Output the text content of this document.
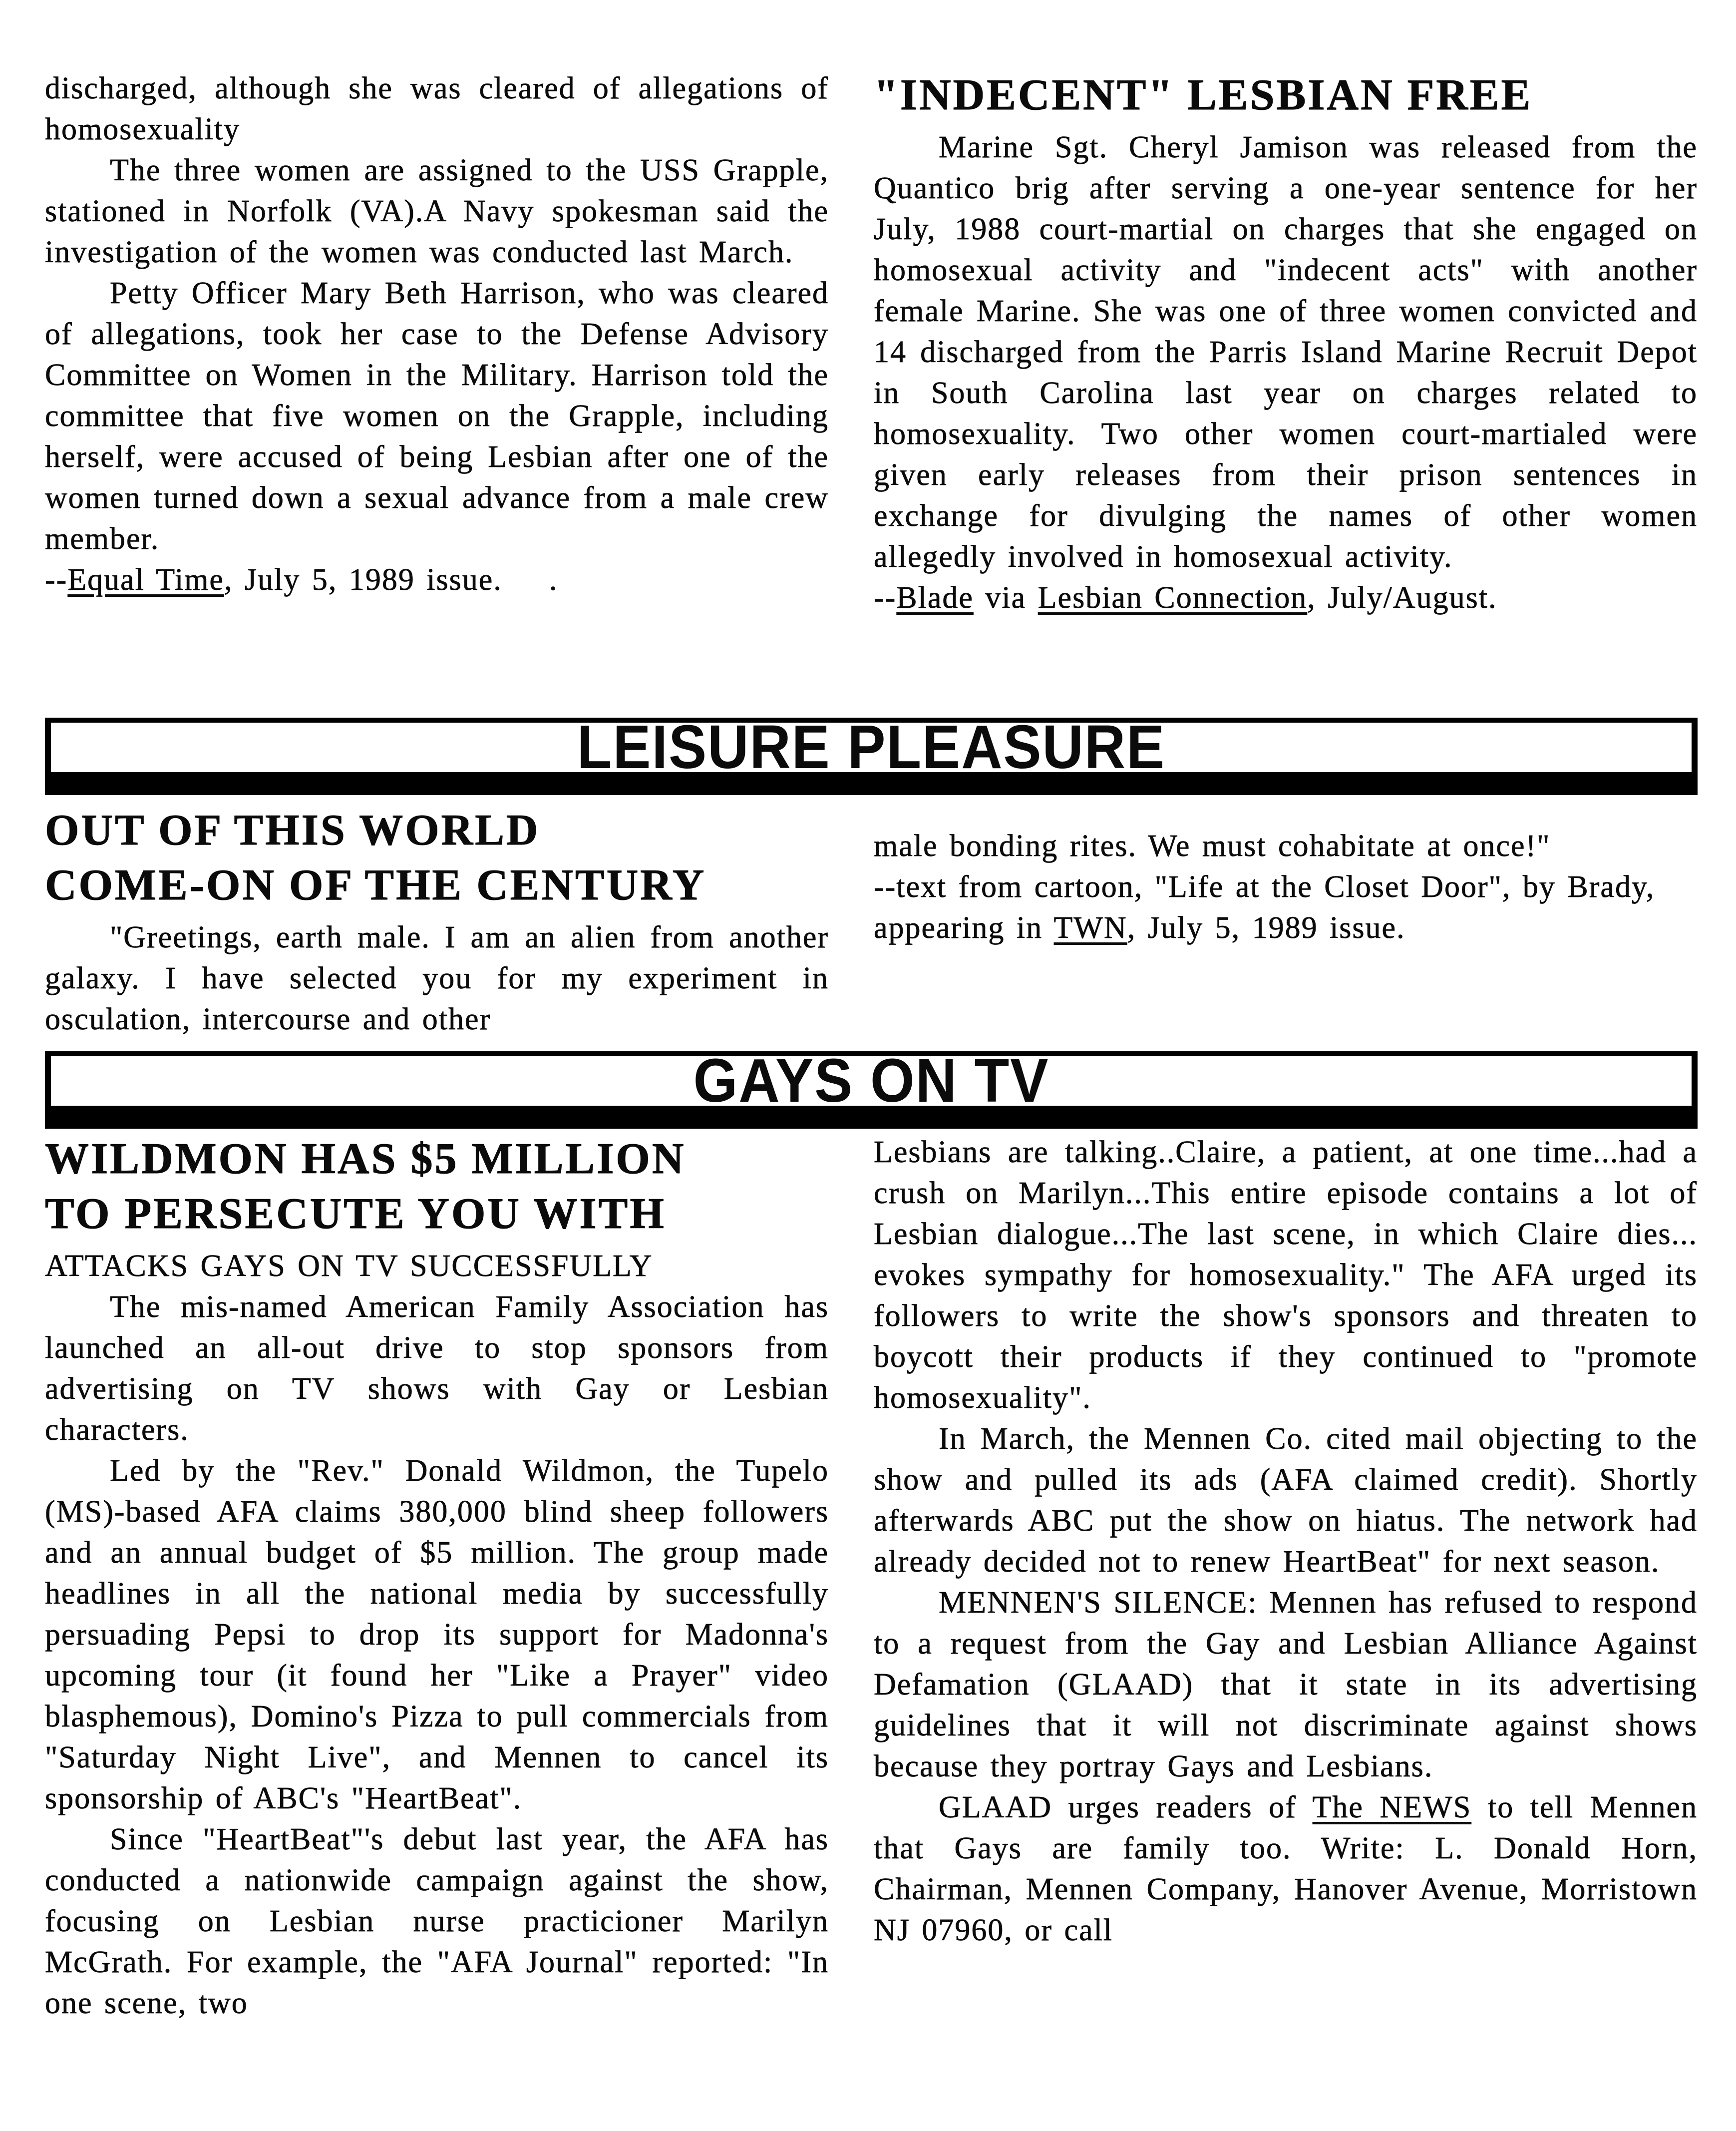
discharged, although she was cleared of allegations of homosexuality

The three women are assigned to the USS Grapple, stationed in Norfolk (VA).A Navy spokesman said the investigation of the women was conducted last March.

Petty Officer Mary Beth Harrison, who was cleared of allegations, took her case to the Defense Advisory Committee on Women in the Military. Harrison told the committee that five women on the Grapple, including herself, were accused of being Lesbian after one of the women turned down a sexual advance from a male crew member.

--Equal Time, July 5, 1989 issue.    .

"INDECENT" LESBIAN FREE

Marine Sgt. Cheryl Jamison was released from the Quantico brig after serving a one-year sentence for her July, 1988 court-martial on charges that she engaged on homosexual activity and "indecent acts" with another female Marine. She was one of three women convicted and 14 discharged from the Parris Island Marine Recruit Depot in South Carolina last year on charges related to homosexuality. Two other women court-martialed were given early releases from their prison sentences in exchange for divulging the names of other women allegedly involved in homosexual activity.

--Blade via Lesbian Connection, July/August.

LEISURE PLEASURE
OUT OF THIS WORLD
COME-ON OF THE CENTURY

"Greetings, earth male. I am an alien from another galaxy. I have selected you for my experiment in osculation, intercourse and other

male bonding rites. We must cohabitate at once!"

--text from cartoon, "Life at the Closet Door", by Brady, appearing in TWN, July 5, 1989 issue.

GAYS ON TV
WILDMON HAS $5 MILLION
TO PERSECUTE YOU WITH

ATTACKS GAYS ON TV SUCCESSFULLY

The mis-named American Family Association has launched an all-out drive to stop sponsors from advertising on TV shows with Gay or Lesbian characters.

Led by the "Rev." Donald Wildmon, the Tupelo (MS)-based AFA claims 380,000 blind sheep followers and an annual budget of $5 million. The group made headlines in all the national media by successfully persuading Pepsi to drop its support for Madonna's upcoming tour (it found her "Like a Prayer" video blasphemous), Domino's Pizza to pull commercials from "Saturday Night Live", and Mennen to cancel its sponsorship of ABC's "HeartBeat".

Since "HeartBeat"'s debut last year, the AFA has conducted a nationwide campaign against the show, focusing on Lesbian nurse practicioner Marilyn McGrath. For example, the "AFA Journal" reported: "In one scene, two

Lesbians are talking..Claire, a patient, at one time...had a crush on Marilyn...This entire episode contains a lot of Lesbian dialogue...The last scene, in which Claire dies... evokes sympathy for homosexuality." The AFA urged its followers to write the show's sponsors and threaten to boycott their products if they continued to "promote homosexuality".

In March, the Mennen Co. cited mail objecting to the show and pulled its ads (AFA claimed credit). Shortly afterwards ABC put the show on hiatus. The network had already decided not to renew HeartBeat" for next season.

MENNEN'S SILENCE: Mennen has refused to respond to a request from the Gay and Lesbian Alliance Against Defamation (GLAAD) that it state in its advertising guidelines that it will not discriminate against shows because they portray Gays and Lesbians.

GLAAD urges readers of The NEWS to tell Mennen that Gays are family too. Write: L. Donald Horn, Chairman, Mennen Company, Hanover Avenue, Morristown NJ 07960, or call
